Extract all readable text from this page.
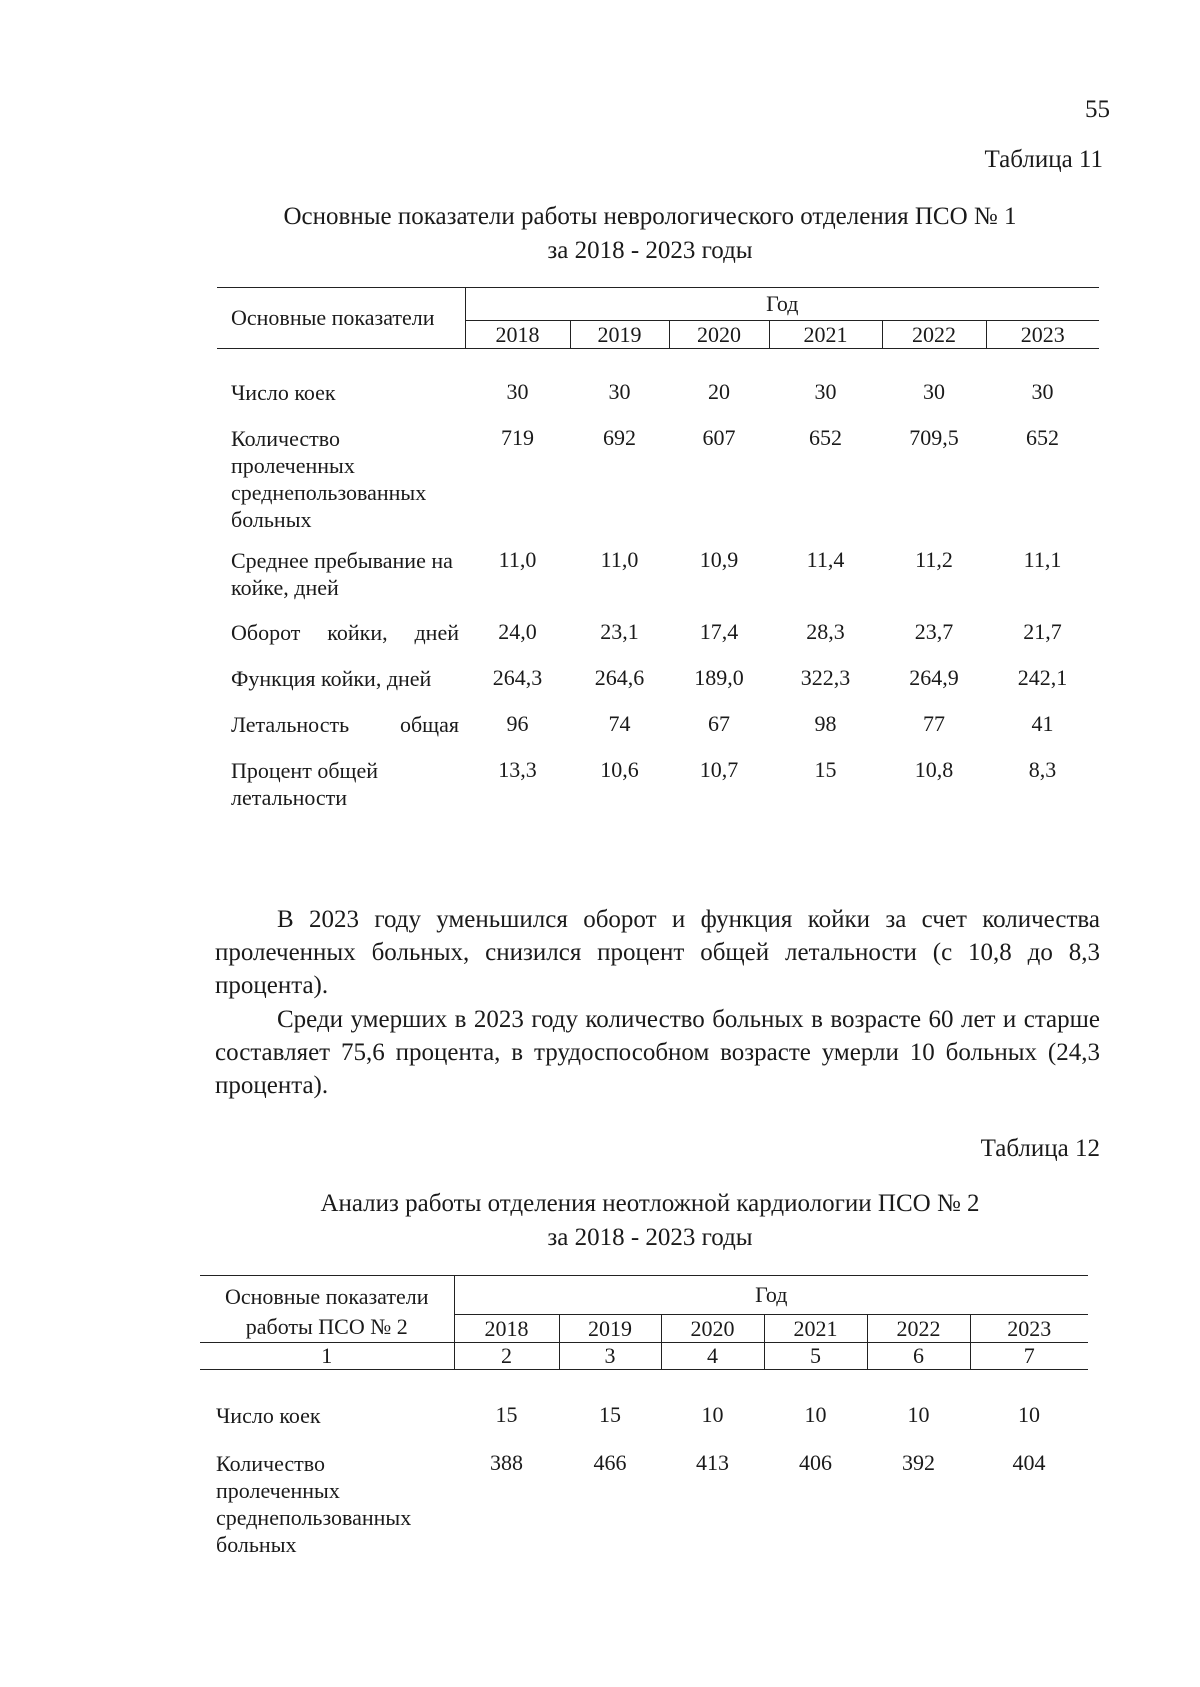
55
Таблица 11
Основные показатели работы неврологического отделения ПСО № 1
за 2018 - 2023 годы
Основные показатели	Год					
	2018	2019	2020	2021	2022	2023

Число коек	30	30	20	30	30	30
Количество пролеченных среднепользованных больных	719	692	607	652	709,5	652
Среднее пребывание на койке, дней	11,0	11,0	10,9	11,4	11,2	11,1
Оборот койки, дней	24,0	23,1	17,4	28,3	23,7	21,7
Функция койки, дней	264,3	264,6	189,0	322,3	264,9	242,1
Летальность общая	96	74	67	98	77	41
Процент общей летальности	13,3	10,6	10,7	15	10,8	8,3
В 2023 году уменьшился оборот и функция койки за счет количества пролеченных больных, снизился процент общей летальности (с 10,8 до 8,3 процента).
Среди умерших в 2023 году количество больных в возрасте 60 лет и старше составляет 75,6 процента, в трудоспособном возрасте умерли 10 больных (24,3 процента).
Таблица 12
Анализ работы отделения неотложной кардиологии ПСО № 2
за 2018 - 2023 годы
Основные показатели
работы ПСО № 2	Год					
	2018	2019	2020	2021	2022	2023
1	2	3	4	5	6	7

Число коек	15	15	10	10	10	10
Количество пролеченных среднепользованных больных	388	466	413	406	392	404
